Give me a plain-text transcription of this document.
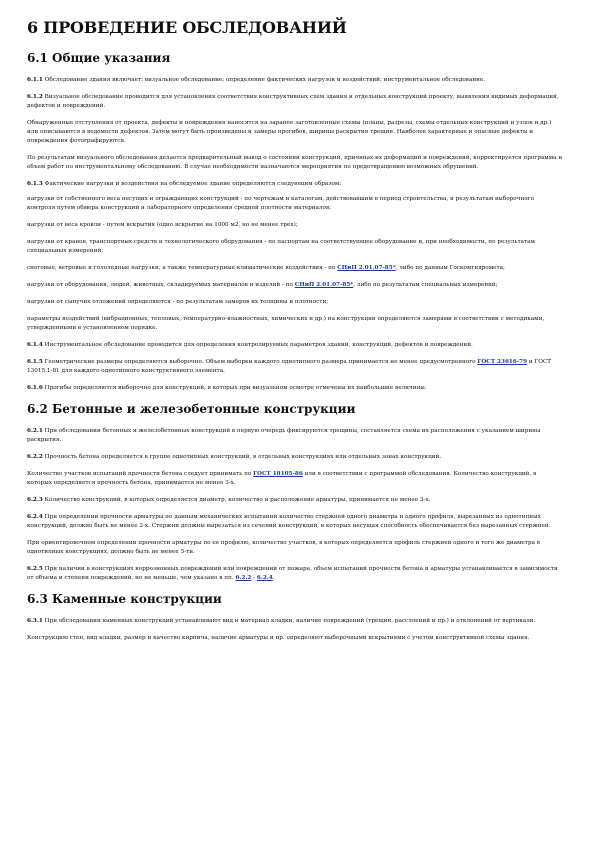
6 ПРОВЕДЕНИЕ ОБСЛЕДОВАНИЙ
6.1 Общие указания

6.1.1 Обследование здания включает: визуальное обследование; определение фактических нагрузок и воздействий; инструментальное обследование.

6.1.2 Визуальное обследование проводится для установления соответствия конструктивных схем здания и отдельных конструкций проекту, выявления видимых деформаций, дефектов и повреждений.

Обнаруженные отступления от проекта, дефекты и повреждения наносятся на заранее заготовленные схемы (планы, разрезы, схемы отдельных конструкций и узлов и др.) или описываются в ведомости дефектов. Затем могут быть произведены и замеры прогибов, ширины раскрытия трещин. Наиболее характерные и опасные дефекты и повреждения фотографируются.

По результатам визуального обследования делается предварительный вывод о состоянии конструкций, причинах их деформаций и повреждений, корректируется программа и объем работ по инструментальному обследованию. В случае необходимости назначаются мероприятия по предотвращению возможных обрушений.

6.1.3 Фактические нагрузки и воздействия на обследуемое здание определяются следующим образом:

нагрузки от собственного веса несущих и ограждающих конструкций - по чертежам и каталогам, действовавшим в период строительства, и результатам выборочного контроля путем обмера конструкций и лабораторного определения средней плотности материалов;

нагрузки от веса кровли - путем вскрытия (одно вскрытие на 1000 м2, но не менее трех);

нагрузки от кранов, транспортных средств и технологического оборудования - по паспортам на соответствующее оборудование и, при необходимости, по результатам специальных измерений;

снеговые, ветровые и гололедные нагрузки, а также температурные климатические воздействия - по СНиП 2.01.07-85*, либо по данным Госкомгидромета;

нагрузки от оборудования, людей, животных, складируемых материалов и изделий - по СНиП 2.01.07-85*, либо по результатам специальных измерений;

нагрузки от сыпучих отложений определяются - по результатам замеров их толщины и плотности;

параметры воздействий (вибрационных, тепловых, температурно-влажностных, химических и др.) на конструкции определяются замерами в соответствии с методиками, утвержденными в установленном порядке.

6.1.4 Инструментальное обследование проводится для определения контролируемых параметров зданий, конструкций, дефектов и повреждений.

6.1.5 Геометрические размеры определяются выборочно. Объем выборки каждого однотипного размера принимается не менее предусмотренного ГОСТ 23616-79 и ГОСТ 13015.1-81 для каждого однотипного конструктивного элемента.

6.1.6 Прогибы определяются выборочно для конструкций, в которых при визуальном осмотре отмечены их наибольшие величины.

6.2 Бетонные и железобетонные конструкции

6.2.1 При обследовании бетонных и железобетонных конструкций в первую очередь фиксируются трещины, составляется схема их расположения с указанием ширины раскрытия.

6.2.2 Прочность бетона определяется в группе однотипных конструкций, в отдельных конструкциях или отдельных зонах конструкций.

Количество участков испытаний прочности бетона следует принимать по ГОСТ 18105-86 или в соответствии с программой обследования. Количество конструкций, в которых определяется прочность бетона, принимается не менее 3-х.

6.2.3 Количество конструкций, в которых определяется диаметр, количество и расположение арматуры, принимается не менее 3-х.

6.2.4 При определении прочности арматуры по данным механических испытаний количество стержней одного диаметра и одного профиля, вырезанных из однотипных конструкций, должно быть не менее 2-х. Стержни должны вырезаться из сечений конструкций, в которых несущая способность обеспечивается без вырезанных стержней.

При ориентировочном определении прочности арматуры по ее профилю, количество участков, в которых определяется профиль стержней одного и того же диаметра в однотипных конструкциях, должно быть не менее 5-ти.

6.2.5 При наличии в конструкциях коррозионных повреждений или повреждений от пожара, объем испытаний прочности бетона и арматуры устанавливается в зависимости от объема и степени повреждений, но не меньше, чем указано в пп. 6.2.2 - 6.2.4.

6.3 Каменные конструкции

6.3.1 При обследовании каменных конструкций устанавливают вид и материал кладки, наличие повреждений (трещин, расслоений и пр.) и отклонений от вертикали.

Конструкцию стен, вид кладки, размер и качество кирпича, наличие арматуры и пр. определяют выборочными вскрытиями с учетом конструктивной схемы здания.
